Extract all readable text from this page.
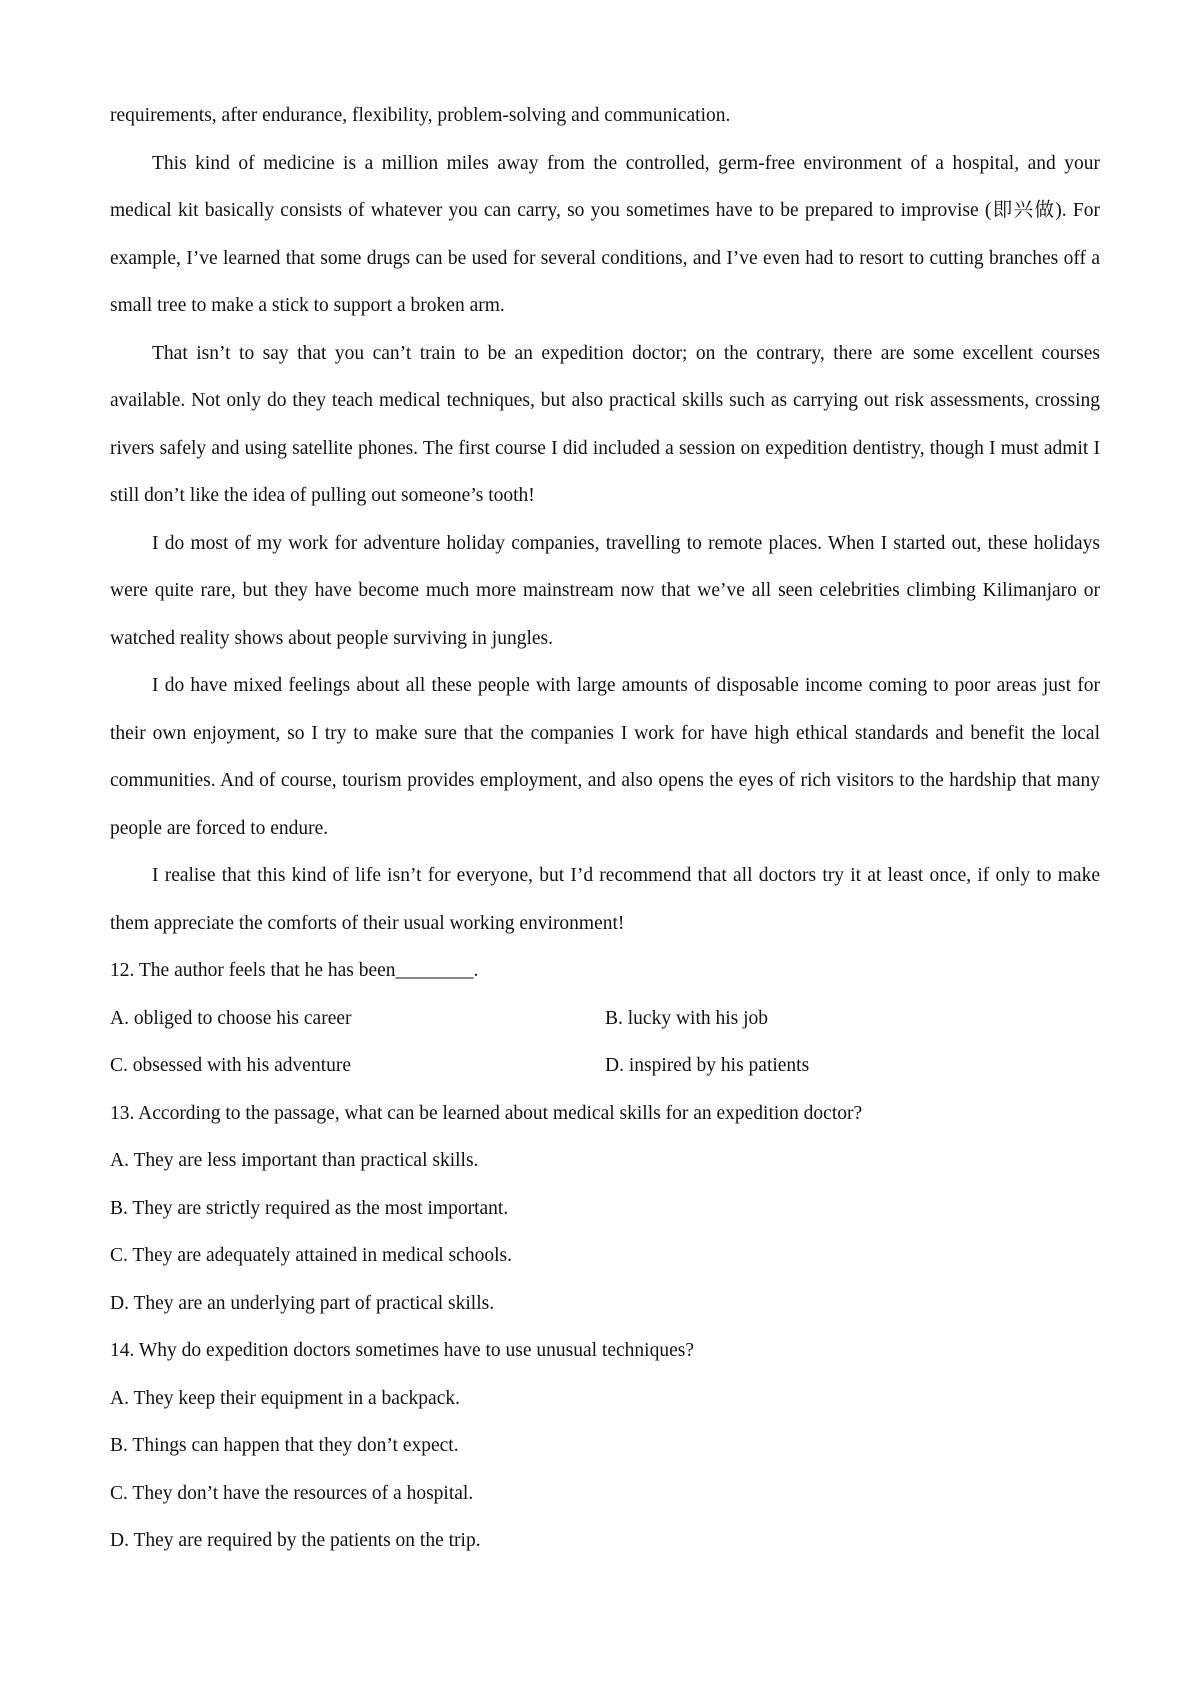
requirements, after endurance, flexibility, problem-solving and communication.

This kind of medicine is a million miles away from the controlled, germ-free environment of a hospital, and your medical kit basically consists of whatever you can carry, so you sometimes have to be prepared to improvise (即兴做). For example, I’ve learned that some drugs can be used for several conditions, and I’ve even had to resort to cutting branches off a small tree to make a stick to support a broken arm.

That isn’t to say that you can’t train to be an expedition doctor; on the contrary, there are some excellent courses available. Not only do they teach medical techniques, but also practical skills such as carrying out risk assessments, crossing rivers safely and using satellite phones. The first course I did included a session on expedition dentistry, though I must admit I still don’t like the idea of pulling out someone’s tooth!

I do most of my work for adventure holiday companies, travelling to remote places. When I started out, these holidays were quite rare, but they have become much more mainstream now that we’ve all seen celebrities climbing Kilimanjaro or watched reality shows about people surviving in jungles.

I do have mixed feelings about all these people with large amounts of disposable income coming to poor areas just for their own enjoyment, so I try to make sure that the companies I work for have high ethical standards and benefit the local communities. And of course, tourism provides employment, and also opens the eyes of rich visitors to the hardship that many people are forced to endure.

I realise that this kind of life isn’t for everyone, but I’d recommend that all doctors try it at least once, if only to make them appreciate the comforts of their usual working environment!

12. The author feels that he has been________.

A. obliged to choose his career	B. lucky with his job
C. obsessed with his adventure	D. inspired by his patients

13. According to the passage, what can be learned about medical skills for an expedition doctor?

A. They are less important than practical skills.

B. They are strictly required as the most important.

C. They are adequately attained in medical schools.

D. They are an underlying part of practical skills.

14. Why do expedition doctors sometimes have to use unusual techniques?

A. They keep their equipment in a backpack.

B. Things can happen that they don’t expect.

C. They don’t have the resources of a hospital.

D. They are required by the patients on the trip.
